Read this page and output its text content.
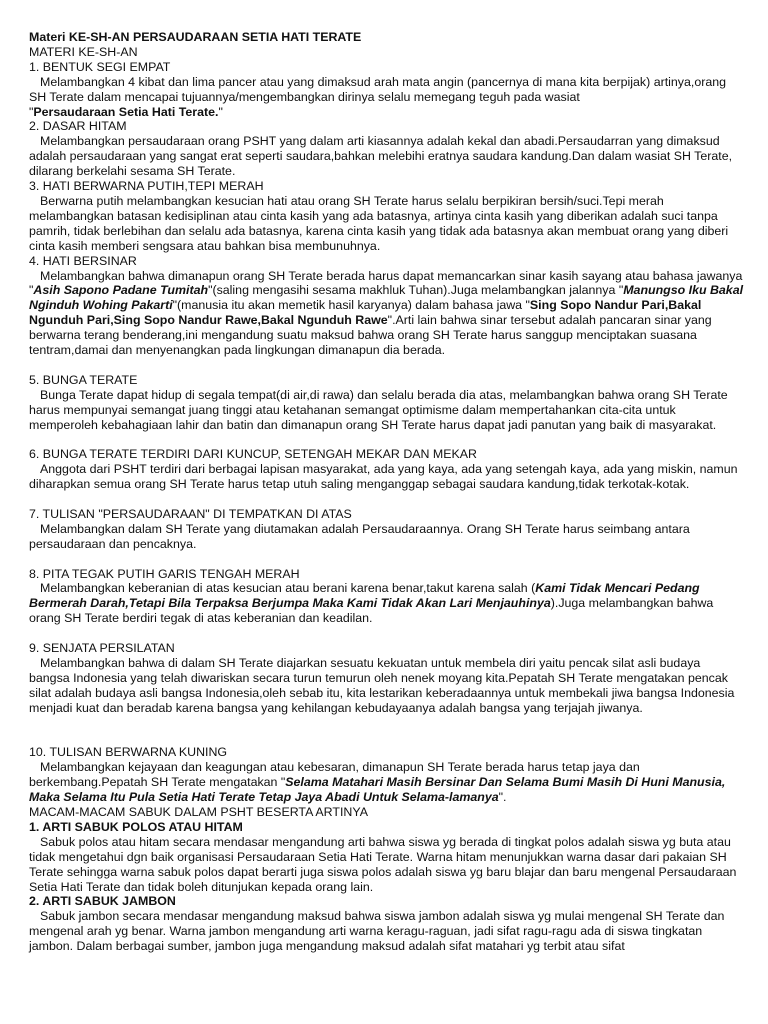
Materi KE-SH-AN PERSAUDARAAN SETIA HATI TERATE

MATERI KE-SH-AN

1. BENTUK SEGI EMPAT

Melambangkan 4 kibat dan lima pancer atau yang dimaksud arah mata angin (pancernya di mana kita berpijak) artinya,orang SH Terate dalam mencapai tujuannya/mengembangkan dirinya selalu memegang teguh pada wasiat
"Persaudaraan Setia Hati Terate."

2. DASAR HITAM

Melambangkan persaudaraan orang PSHT yang dalam arti kiasannya adalah kekal dan abadi.Persaudarran yang dimaksud adalah persaudaraan yang sangat erat seperti saudara,bahkan melebihi eratnya saudara kandung.Dan dalam wasiat SH Terate, dilarang berkelahi sesama SH Terate.

3. HATI BERWARNA PUTIH,TEPI MERAH

Berwarna putih melambangkan kesucian hati atau orang SH Terate harus selalu berpikiran bersih/suci.Tepi merah melambangkan batasan kedisiplinan atau cinta kasih yang ada batasnya, artinya cinta kasih yang diberikan adalah suci tanpa pamrih, tidak berlebihan dan selalu ada batasnya, karena cinta kasih yang tidak ada batasnya akan membuat orang yang diberi cinta kasih memberi sengsara atau bahkan bisa membunuhnya.

4. HATI BERSINAR

Melambangkan bahwa dimanapun orang SH Terate berada harus dapat memancarkan sinar kasih sayang atau bahasa jawanya "Asih Sapono Padane Tumitah"(saling mengasihi sesama makhluk Tuhan).Juga melambangkan jalannya "Manungso Iku Bakal Nginduh Wohing Pakarti"(manusia itu akan memetik hasil karyanya) dalam bahasa jawa "Sing Sopo Nandur Pari,Bakal Ngunduh Pari,Sing Sopo Nandur Rawe,Bakal Ngunduh Rawe".Arti lain bahwa sinar tersebut adalah pancaran sinar yang berwarna terang benderang,ini mengandung suatu maksud bahwa orang SH Terate harus sanggup menciptakan suasana tentram,damai dan menyenangkan pada lingkungan dimanapun dia berada.

5. BUNGA TERATE

Bunga Terate dapat hidup di segala tempat(di air,di rawa) dan selalu berada dia atas, melambangkan bahwa orang SH Terate harus mempunyai semangat juang tinggi atau ketahanan semangat optimisme dalam mempertahankan cita-cita untuk memperoleh kebahagiaan lahir dan batin dan dimanapun orang SH Terate harus dapat jadi panutan yang baik di masyarakat.

6. BUNGA TERATE TERDIRI DARI KUNCUP, SETENGAH MEKAR DAN MEKAR

Anggota dari PSHT terdiri dari berbagai lapisan masyarakat, ada yang kaya, ada yang setengah kaya, ada yang miskin, namun diharapkan semua orang SH Terate harus tetap utuh saling menganggap sebagai saudara kandung,tidak terkotak-kotak.

7. TULISAN "PERSAUDARAAN" DI TEMPATKAN DI ATAS

Melambangkan dalam SH Terate yang diutamakan adalah Persaudaraannya. Orang SH Terate harus seimbang antara persaudaraan dan pencaknya.

8. PITA TEGAK PUTIH GARIS TENGAH MERAH

Melambangkan keberanian di atas kesucian atau berani karena benar,takut karena salah (Kami Tidak Mencari Pedang Bermerah Darah,Tetapi Bila Terpaksa Berjumpa Maka Kami Tidak Akan Lari Menjauhinya).Juga melambangkan bahwa orang SH Terate berdiri tegak di atas keberanian dan keadilan.

9. SENJATA PERSILATAN

Melambangkan bahwa di dalam SH Terate diajarkan sesuatu kekuatan untuk membela diri yaitu pencak silat asli budaya bangsa Indonesia yang telah diwariskan secara turun temurun oleh nenek moyang kita.Pepatah SH Terate mengatakan pencak silat adalah budaya asli bangsa Indonesia,oleh sebab itu, kita lestarikan keberadaannya untuk membekali jiwa bangsa Indonesia menjadi kuat dan beradab karena bangsa yang kehilangan kebudayaanya adalah bangsa yang terjajah jiwanya.

10. TULISAN BERWARNA KUNING

Melambangkan kejayaan dan keagungan atau kebesaran, dimanapun SH Terate berada harus tetap jaya dan berkembang.Pepatah SH Terate mengatakan "Selama Matahari Masih Bersinar Dan Selama Bumi Masih Di Huni Manusia, Maka Selama Itu Pula Setia Hati Terate Tetap Jaya Abadi Untuk Selama-lamanya".

MACAM-MACAM SABUK DALAM PSHT BESERTA ARTINYA

1. ARTI SABUK POLOS ATAU HITAM

Sabuk polos atau hitam secara mendasar mengandung arti bahwa siswa yg berada di tingkat polos adalah siswa yg buta atau tidak mengetahui dgn baik organisasi Persaudaraan Setia Hati Terate. Warna hitam menunjukkan warna dasar dari pakaian SH Terate sehingga warna sabuk polos dapat berarti juga siswa polos adalah siswa yg baru blajar dan baru mengenal Persaudaraan Setia Hati Terate dan tidak boleh ditunjukan kepada orang lain.

2. ARTI SABUK JAMBON

Sabuk jambon secara mendasar mengandung maksud bahwa siswa jambon adalah siswa yg mulai mengenal SH Terate dan mengenal arah yg benar. Warna jambon mengandung arti warna keragu-raguan, jadi sifat ragu-ragu ada di siswa tingkatan jambon. Dalam berbagai sumber, jambon juga mengandung maksud adalah sifat matahari yg terbit atau sifat
